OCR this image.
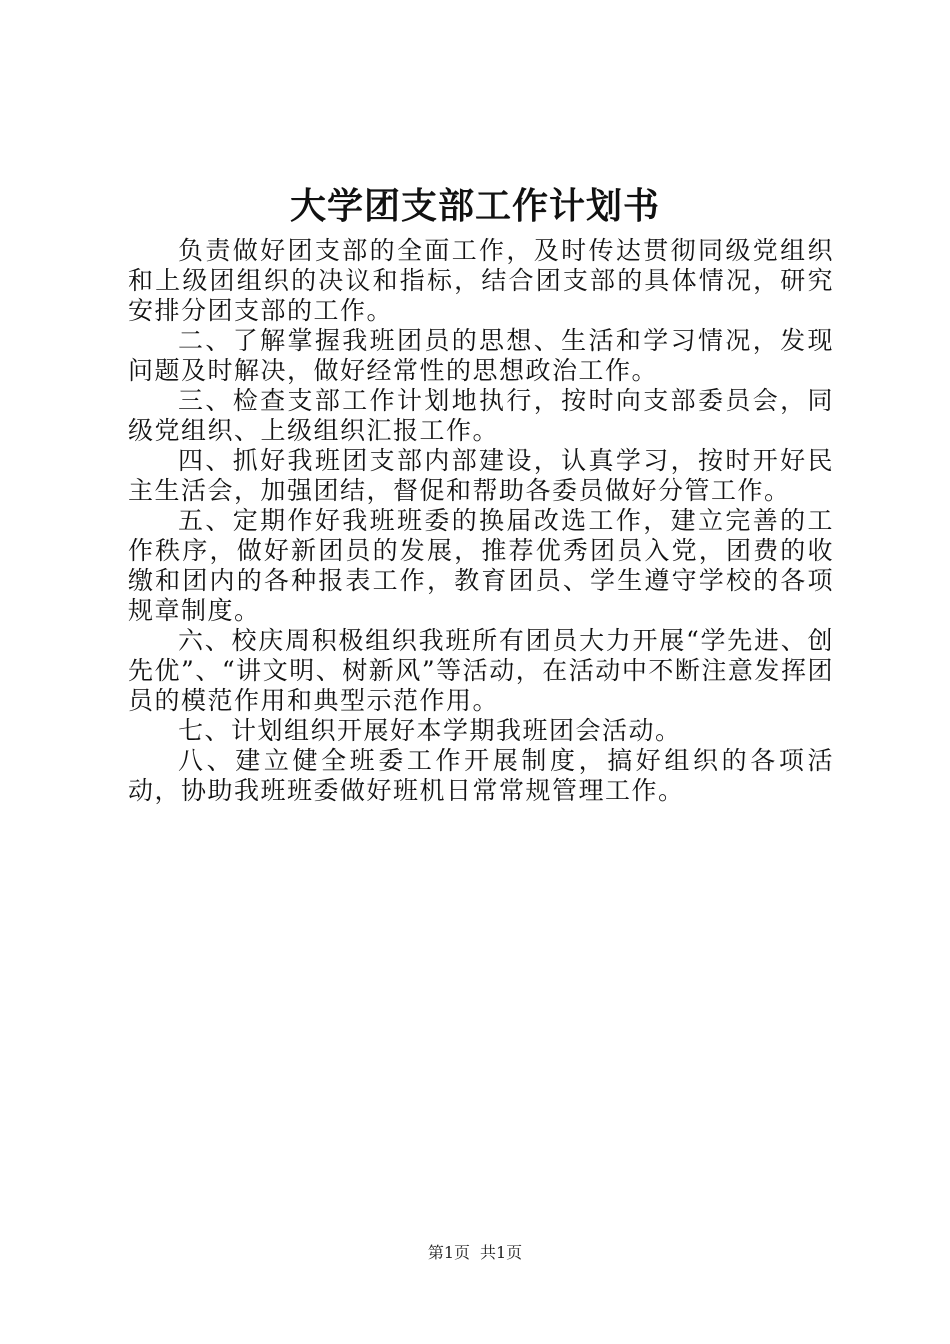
大学团支部工作计划书

负责做好团支部的全面工作，及时传达贯彻同级党组织和上级团组织的决议和指标，结合团支部的具体情况，研究安排分团支部的工作。

二、了解掌握我班团员的思想、生活和学习情况，发现问题及时解决，做好经常性的思想政治工作。

三、检查支部工作计划地执行，按时向支部委员会，同级党组织、上级组织汇报工作。

四、抓好我班团支部内部建设，认真学习，按时开好民主生活会，加强团结，督促和帮助各委员做好分管工作。

五、定期作好我班班委的换届改选工作，建立完善的工作秩序，做好新团员的发展，推荐优秀团员入党，团费的收缴和团内的各种报表工作，教育团员、学生遵守学校的各项规章制度。

六、校庆周积极组织我班所有团员大力开展“学先进、创先优”、“讲文明、树新风”等活动，在活动中不断注意发挥团员的模范作用和典型示范作用。

七、计划组织开展好本学期我班团会活动。

八、建立健全班委工作开展制度，搞好组织的各项活动，协助我班班委做好班机日常常规管理工作。

第1页 共1页
